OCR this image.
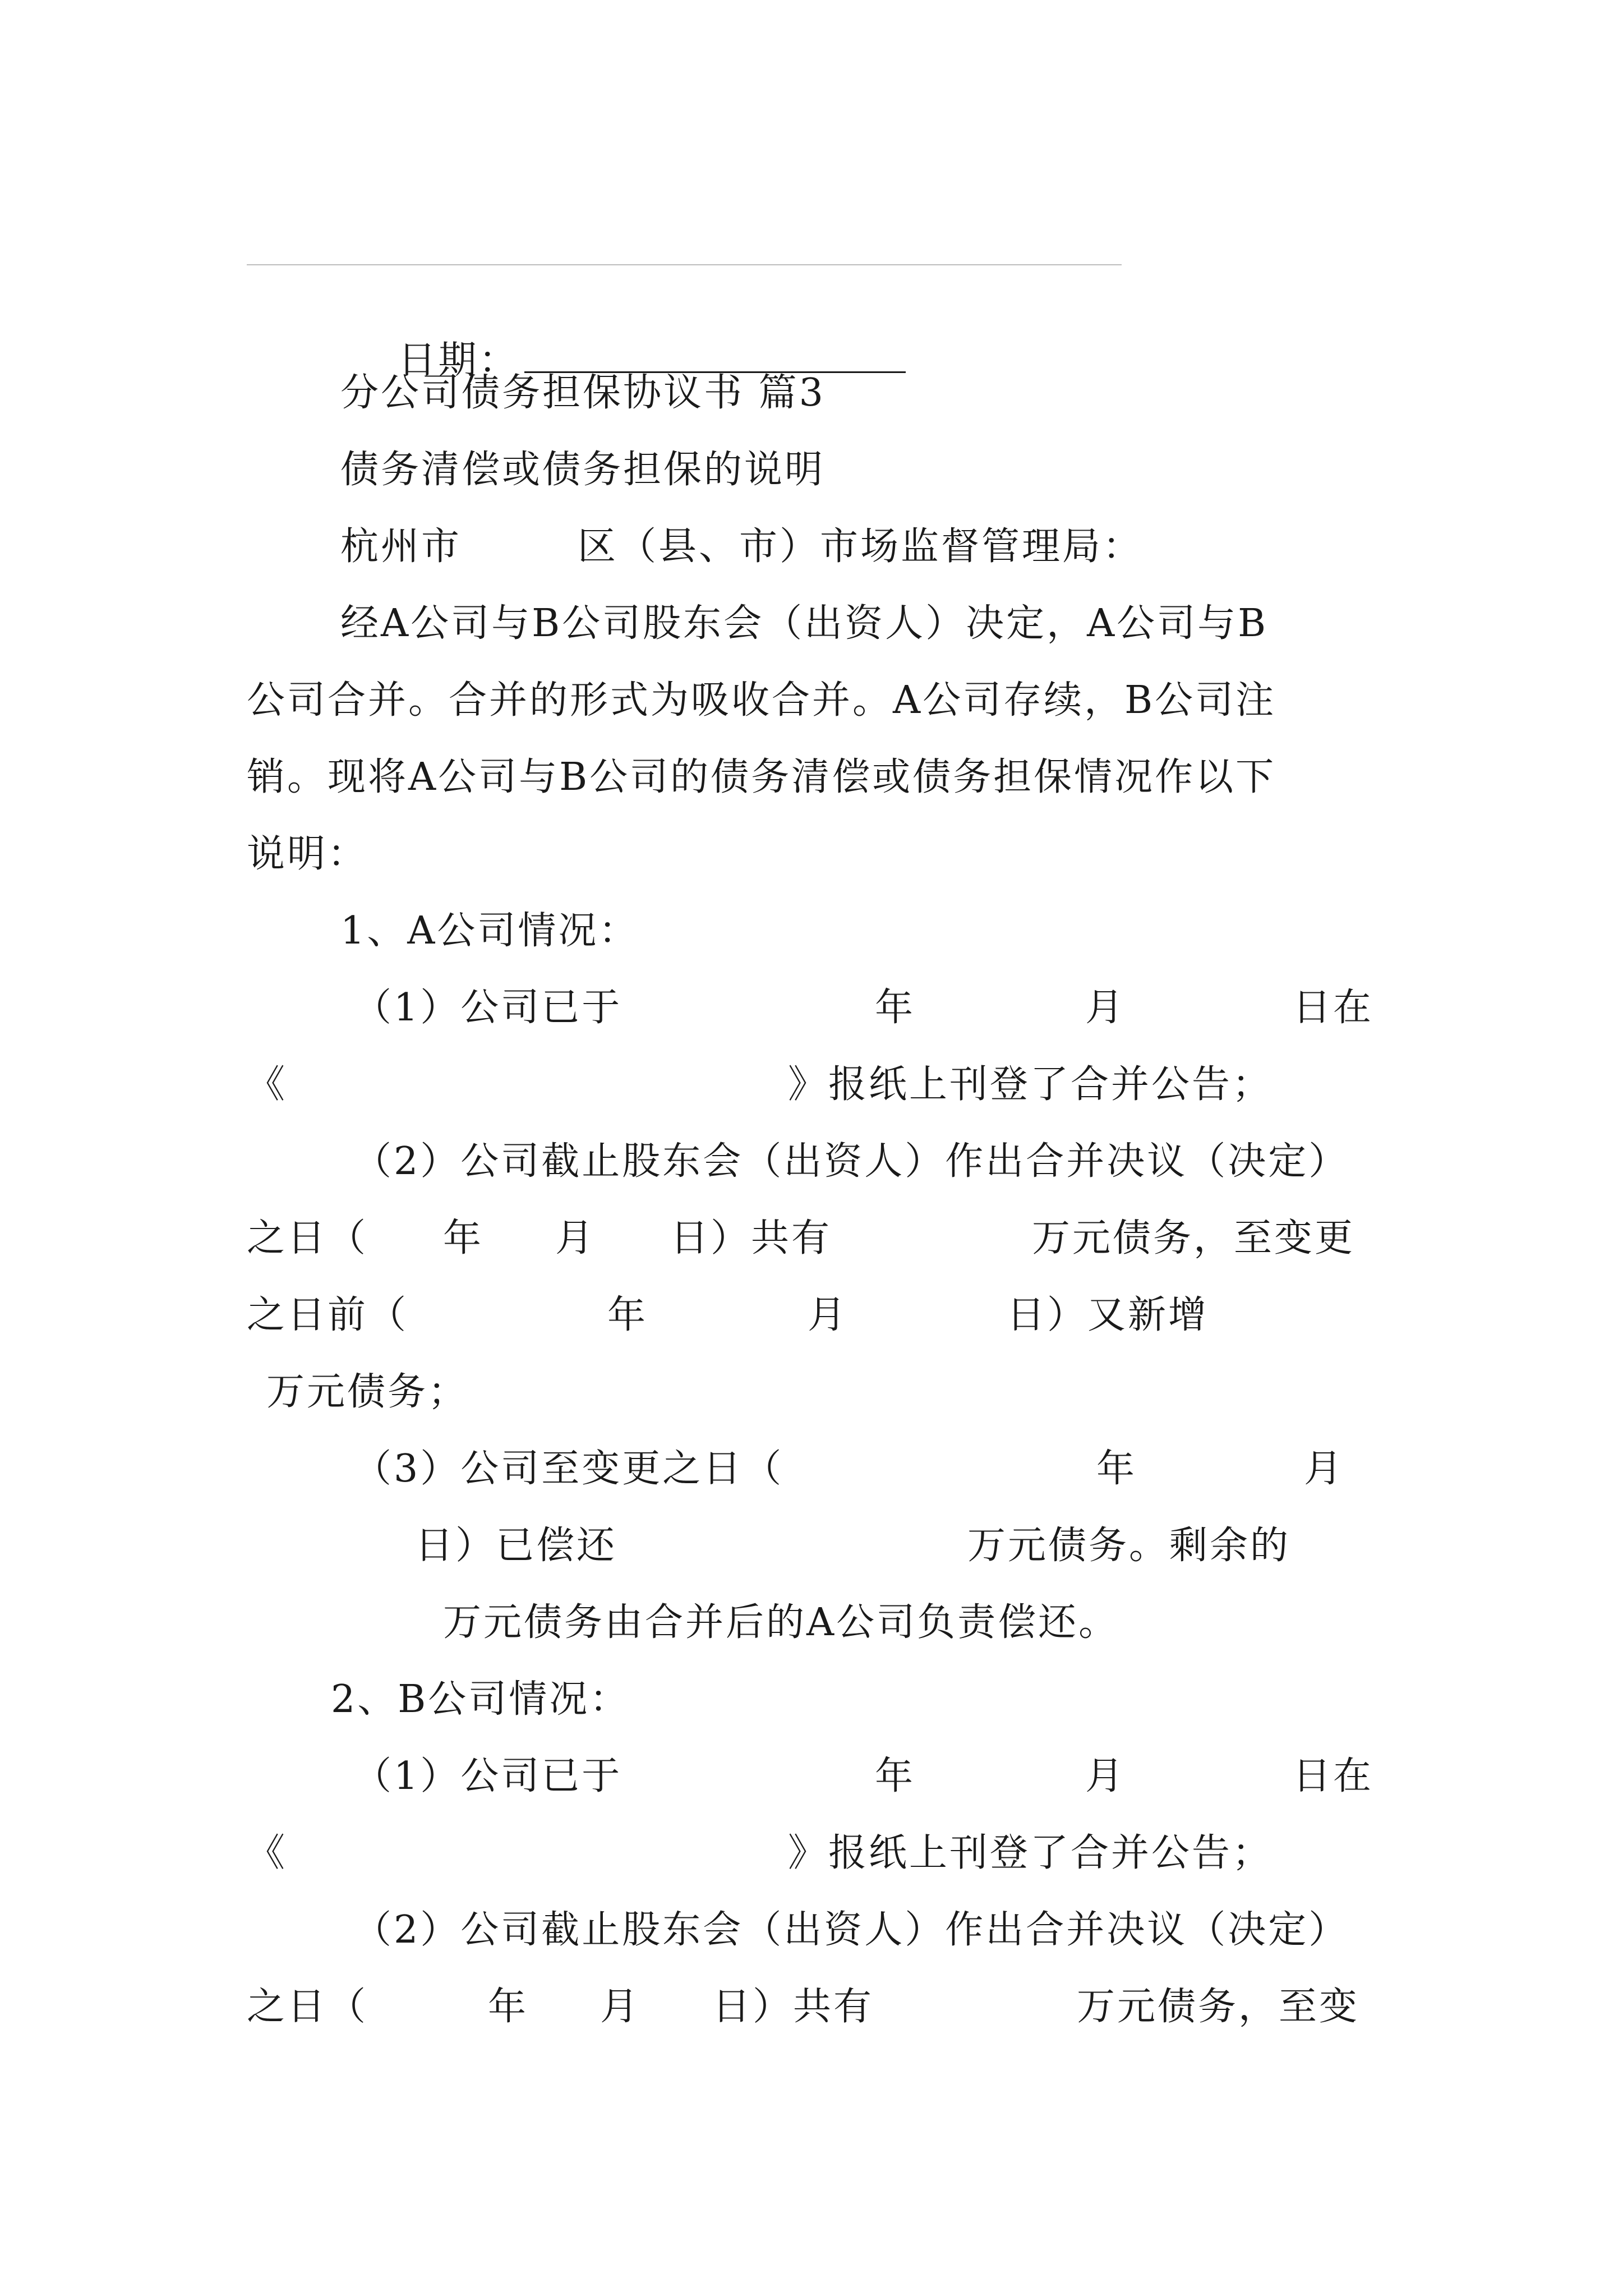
日期：

分公司债务担保协议书 篇3
债务清偿或债务担保的说明
杭州市	区（县、市）市场监督管理局：
经A公司与B公司股东会（出资人）决定，A公司与B
公司合并。合并的形式为吸收合并。A公司存续，B公司注
销。现将A公司与B公司的债务清偿或债务担保情况作以下
说明：
1、A公司情况：
（1）公司已于	年	月	日在
《	》报纸上刊登了合并公告；
（2）公司截止股东会（出资人）作出合并决议（决定）
之日（ 年 月 日）共有	万元债务，至变更
之日前（	年	月	日）又新增
万元债务；
（3）公司至变更之日（	年	月
日）已偿还	万元债务。剩余的
万元债务由合并后的A公司负责偿还。
2、B公司情况：
（1）公司已于	年	月	日在
《	》报纸上刊登了合并公告；
（2）公司截止股东会（出资人）作出合并决议（决定）
之日（	年 月 日）共有	万元债务，至变
